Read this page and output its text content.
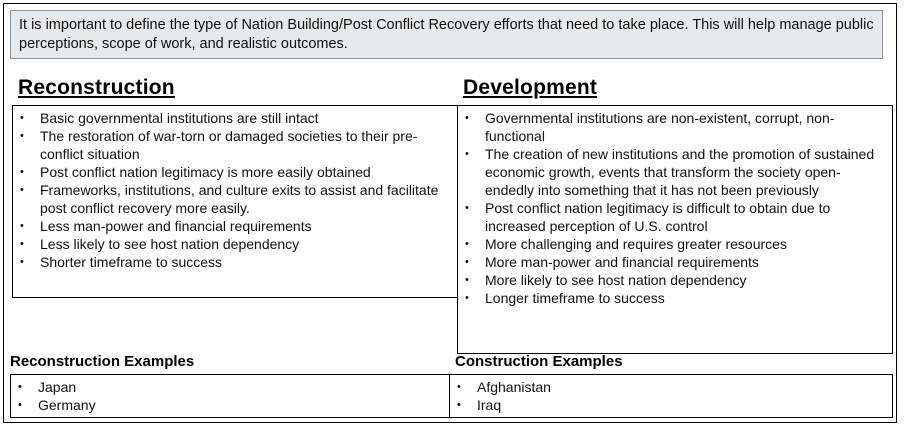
It is important to define the type of Nation Building/Post Conflict Recovery efforts that need to take place. This will help manage public perceptions, scope of work, and realistic outcomes.
Reconstruction	Development
• Basic governmental institutions are still intact
• The restoration of war-torn or damaged societies to their pre-conflict situation
• Post conflict nation legitimacy is more easily obtained
• Frameworks, institutions, and culture exits to assist and facilitate post conflict recovery more easily.
• Less man-power and financial requirements
• Less likely to see host nation dependency
• Shorter timeframe to success
• Governmental institutions are non-existent, corrupt, non-functional
• The creation of new institutions and the promotion of sustained economic growth, events that transform the society open-endedly into something that it has not been previously
• Post conflict nation legitimacy is difficult to obtain due to increased perception of U.S. control
• More challenging and requires greater resources
• More man-power and financial requirements
• More likely to see host nation dependency
• Longer timeframe to success
Reconstruction Examples	Construction Examples
• Japan
• Germany
• Afghanistan
• Iraq
